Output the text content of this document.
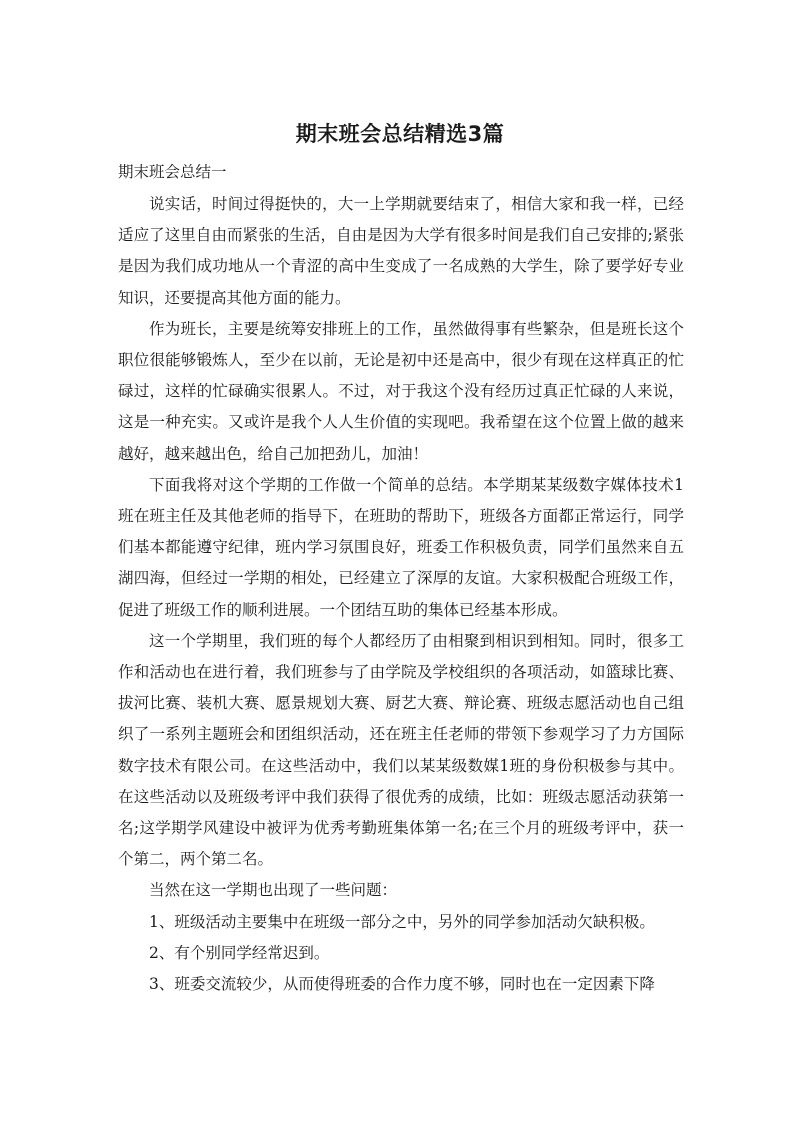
期末班会总结精选3篇
期末班会总结一

说实话，时间过得挺快的，大一上学期就要结束了，相信大家和我一样，已经适应了这里自由而紧张的生活，自由是因为大学有很多时间是我们自己安排的;紧张是因为我们成功地从一个青涩的高中生变成了一名成熟的大学生，除了要学好专业知识，还要提高其他方面的能力。

作为班长，主要是统筹安排班上的工作，虽然做得事有些繁杂，但是班长这个职位很能够锻炼人，至少在以前，无论是初中还是高中，很少有现在这样真正的忙碌过，这样的忙碌确实很累人。不过，对于我这个没有经历过真正忙碌的人来说，这是一种充实。又或许是我个人人生价值的实现吧。我希望在这个位置上做的越来越好，越来越出色，给自己加把劲儿，加油！

下面我将对这个学期的工作做一个简单的总结。本学期某某级数字媒体技术1班在班主任及其他老师的指导下，在班助的帮助下，班级各方面都正常运行，同学们基本都能遵守纪律，班内学习氛围良好，班委工作积极负责，同学们虽然来自五湖四海，但经过一学期的相处，已经建立了深厚的友谊。大家积极配合班级工作，促进了班级工作的顺利进展。一个团结互助的集体已经基本形成。

这一个学期里，我们班的每个人都经历了由相聚到相识到相知。同时，很多工作和活动也在进行着，我们班参与了由学院及学校组织的各项活动，如篮球比赛、拔河比赛、装机大赛、愿景规划大赛、厨艺大赛、辩论赛、班级志愿活动也自己组织了一系列主题班会和团组织活动，还在班主任老师的带领下参观学习了力方国际数字技术有限公司。在这些活动中，我们以某某级数媒1班的身份积极参与其中。在这些活动以及班级考评中我们获得了很优秀的成绩，比如：班级志愿活动获第一名;这学期学风建设中被评为优秀考勤班集体第一名;在三个月的班级考评中，获一个第二，两个第二名。

当然在这一学期也出现了一些问题：

1、班级活动主要集中在班级一部分之中，另外的同学参加活动欠缺积极。

2、有个别同学经常迟到。

3、班委交流较少，从而使得班委的合作力度不够，同时也在一定因素下降
